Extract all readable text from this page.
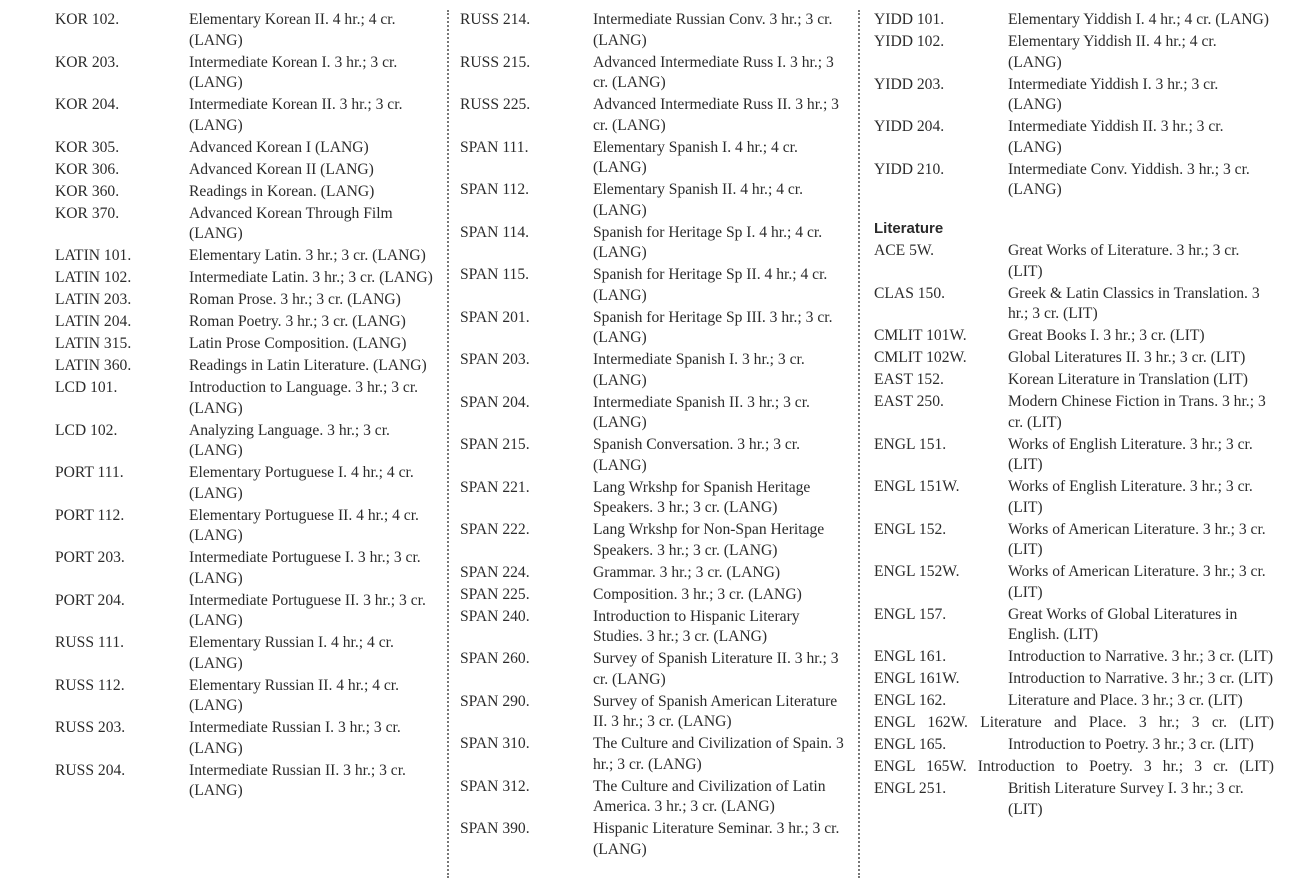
KOR 102.	Elementary Korean II. 4 hr.; 4 cr. (LANG)
KOR 203.	Intermediate Korean I. 3 hr.; 3 cr. (LANG)
KOR 204.	Intermediate Korean II. 3 hr.; 3 cr. (LANG)
KOR 305.	Advanced Korean I (LANG)
KOR 306.	Advanced Korean II (LANG)
KOR 360.	Readings in Korean. (LANG)
KOR 370.	Advanced Korean Through Film (LANG)
LATIN 101.	Elementary Latin. 3 hr.; 3 cr. (LANG)
LATIN 102.	Intermediate Latin. 3 hr.; 3 cr. (LANG)
LATIN 203.	Roman Prose. 3 hr.; 3 cr. (LANG)
LATIN 204.	Roman Poetry. 3 hr.; 3 cr. (LANG)
LATIN 315.	Latin Prose Composition. (LANG)
LATIN 360.	Readings in Latin Literature. (LANG)
LCD 101.	Introduction to Language. 3 hr.; 3 cr. (LANG)
LCD 102.	Analyzing Language. 3 hr.; 3 cr. (LANG)
PORT 111.	Elementary Portuguese I. 4 hr.; 4 cr. (LANG)
PORT 112.	Elementary Portuguese II. 4 hr.; 4 cr. (LANG)
PORT 203.	Intermediate Portuguese I. 3 hr.; 3 cr. (LANG)
PORT 204.	Intermediate Portuguese II. 3 hr.; 3 cr. (LANG)
RUSS 111.	Elementary Russian I. 4 hr.; 4 cr. (LANG)
RUSS 112.	Elementary Russian II. 4 hr.; 4 cr. (LANG)
RUSS 203.	Intermediate Russian I. 3 hr.; 3 cr. (LANG)
RUSS 204.	Intermediate Russian II. 3 hr.; 3 cr. (LANG)
RUSS 214.	Intermediate Russian Conv. 3 hr.; 3 cr. (LANG)
RUSS 215.	Advanced Intermediate Russ I. 3 hr.; 3 cr. (LANG)
RUSS 225.	Advanced Intermediate Russ II. 3 hr.; 3 cr. (LANG)
SPAN 111.	Elementary Spanish I. 4 hr.; 4 cr. (LANG)
SPAN 112.	Elementary Spanish II. 4 hr.; 4 cr. (LANG)
SPAN 114.	Spanish for Heritage Sp I. 4 hr.; 4 cr. (LANG)
SPAN 115.	Spanish for Heritage Sp II. 4 hr.; 4 cr. (LANG)
SPAN 201.	Spanish for Heritage Sp III. 3 hr.; 3 cr. (LANG)
SPAN 203.	Intermediate Spanish I. 3 hr.; 3 cr. (LANG)
SPAN 204.	Intermediate Spanish II. 3 hr.; 3 cr. (LANG)
SPAN 215.	Spanish Conversation. 3 hr.; 3 cr. (LANG)
SPAN 221.	Lang Wrkshp for Spanish Heritage Speakers. 3 hr.; 3 cr. (LANG)
SPAN 222.	Lang Wrkshp for Non-Span Heritage Speakers. 3 hr.; 3 cr. (LANG)
SPAN 224.	Grammar. 3 hr.; 3 cr. (LANG)
SPAN 225.	Composition. 3 hr.; 3 cr. (LANG)
SPAN 240.	Introduction to Hispanic Literary Studies. 3 hr.; 3 cr. (LANG)
SPAN 260.	Survey of Spanish Literature II. 3 hr.; 3 cr. (LANG)
SPAN 290.	Survey of Spanish American Literature II. 3 hr.; 3 cr. (LANG)
SPAN 310.	The Culture and Civilization of Spain. 3 hr.; 3 cr. (LANG)
SPAN 312.	The Culture and Civilization of Latin America. 3 hr.; 3 cr. (LANG)
SPAN 390.	Hispanic Literature Seminar. 3 hr.; 3 cr. (LANG)
YIDD 101.	Elementary Yiddish I. 4 hr.; 4 cr. (LANG)
YIDD 102.	Elementary Yiddish II. 4 hr.; 4 cr. (LANG)
YIDD 203.	Intermediate Yiddish I. 3 hr.; 3 cr. (LANG)
YIDD 204.	Intermediate Yiddish II. 3 hr.; 3 cr. (LANG)
YIDD 210.	Intermediate Conv. Yiddish. 3 hr.; 3 cr. (LANG)
Literature
ACE 5W.	Great Works of Literature. 3 hr.; 3 cr. (LIT)
CLAS 150.	Greek & Latin Classics in Translation. 3 hr.; 3 cr. (LIT)
CMLIT 101W.	Great Books I. 3 hr.; 3 cr. (LIT)
CMLIT 102W.	Global Literatures II. 3 hr.; 3 cr. (LIT)
EAST 152.	Korean Literature in Translation (LIT)
EAST 250.	Modern Chinese Fiction in Trans. 3 hr.; 3 cr. (LIT)
ENGL 151.	Works of English Literature. 3 hr.; 3 cr. (LIT)
ENGL 151W.	Works of English Literature. 3 hr.; 3 cr. (LIT)
ENGL 152.	Works of American Literature. 3 hr.; 3 cr. (LIT)
ENGL 152W.	Works of American Literature. 3 hr.; 3 cr. (LIT)
ENGL 157.	Great Works of Global Literatures in English. (LIT)
ENGL 161.	Introduction to Narrative. 3 hr.; 3 cr. (LIT)
ENGL 161W.	Introduction to Narrative. 3 hr.; 3 cr. (LIT)
ENGL 162.	Literature and Place. 3 hr.; 3 cr. (LIT)
ENGL 162W. Literature and Place. 3 hr.; 3 cr. (LIT)
ENGL 165.	Introduction to Poetry. 3 hr.; 3 cr. (LIT)
ENGL 165W. Introduction to Poetry. 3 hr.; 3 cr. (LIT)
ENGL 251.	British Literature Survey I. 3 hr.; 3 cr. (LIT)
